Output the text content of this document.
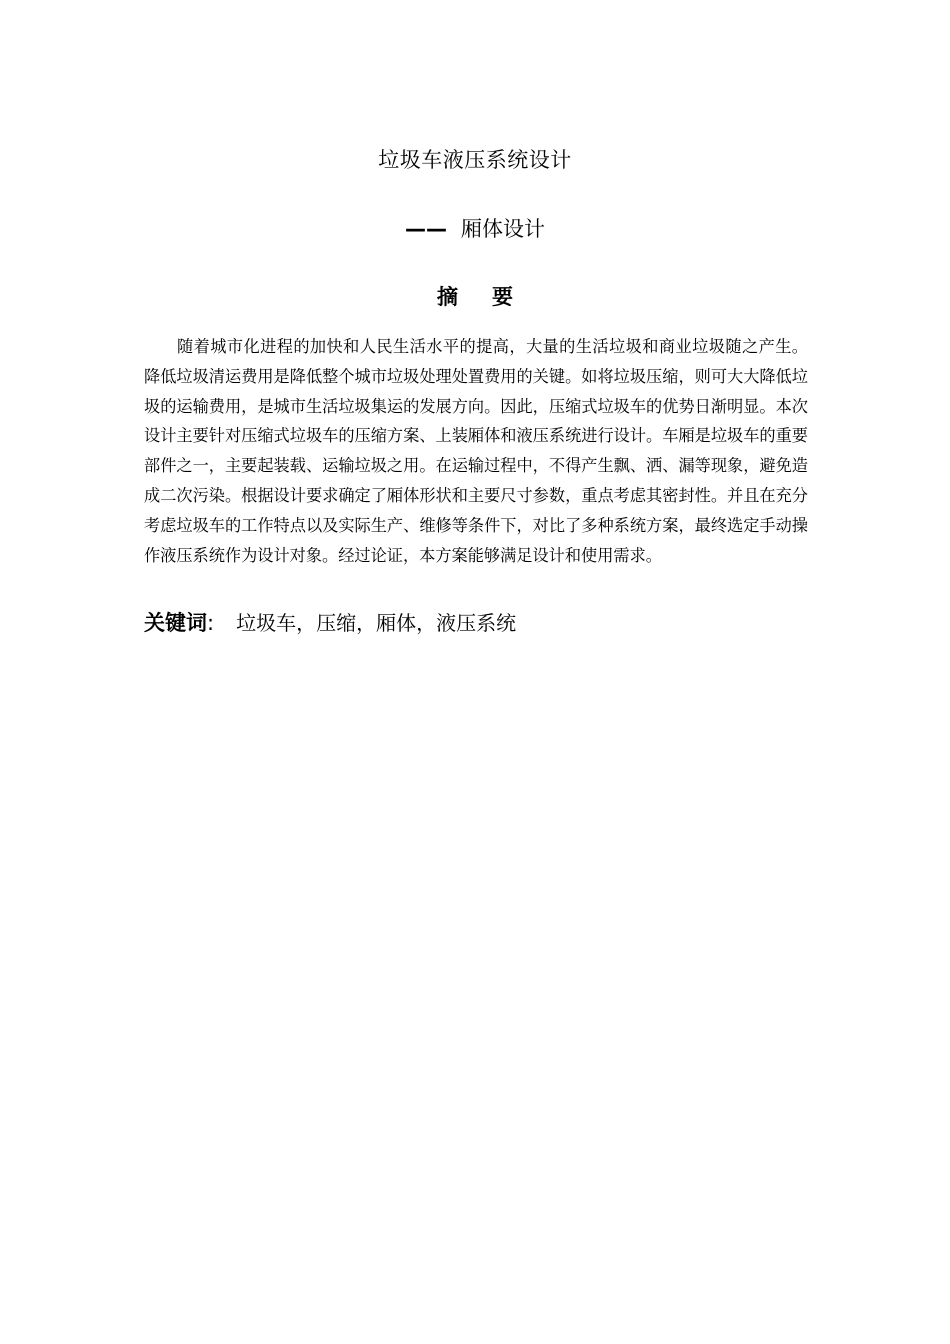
垃圾车液压系统设计
—— 厢体设计
摘要
随着城市化进程的加快和人民生活水平的提高，大量的生活垃圾和商业垃圾随之产生。降低垃圾清运费用是降低整个城市垃圾处理处置费用的关键。如将垃圾压缩，则可大大降低垃圾的运输费用，是城市生活垃圾集运的发展方向。因此，压缩式垃圾车的优势日渐明显。本次设计主要针对压缩式垃圾车的压缩方案、上装厢体和液压系统进行设计。车厢是垃圾车的重要部件之一，主要起装载、运输垃圾之用。在运输过程中，不得产生飘、洒、漏等现象，避免造成二次污染。根据设计要求确定了厢体形状和主要尺寸参数，重点考虑其密封性。并且在充分考虑垃圾车的工作特点以及实际生产、维修等条件下，对比了多种系统方案，最终选定手动操作液压系统作为设计对象。经过论证，本方案能够满足设计和使用需求。
关键词: 垃圾车，压缩，厢体，液压系统
